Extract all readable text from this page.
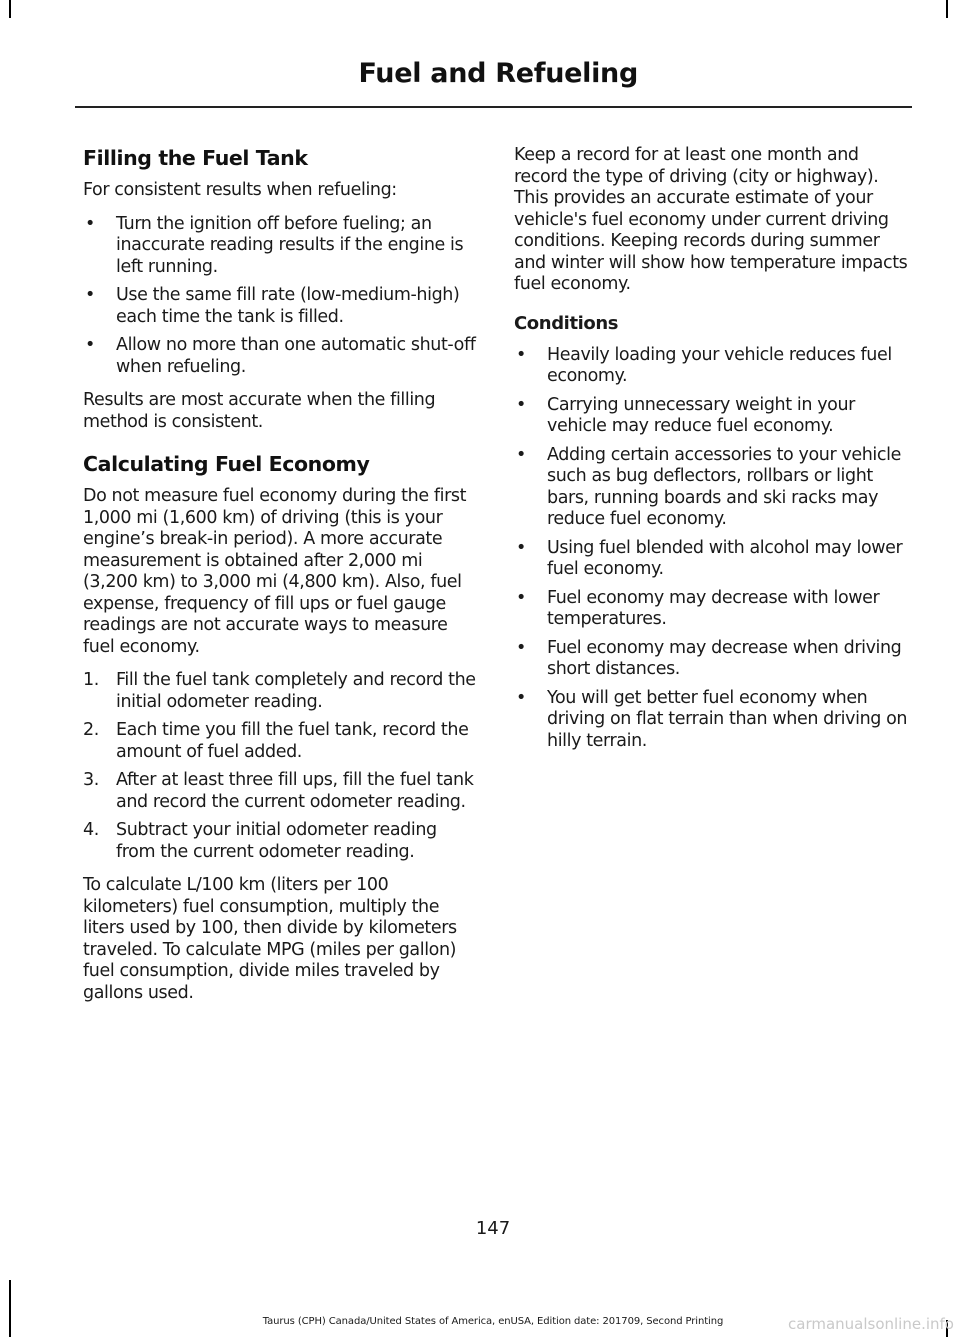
Fuel and Refueling
Filling the Fuel Tank

For consistent results when refueling:

• Turn the ignition off before fueling; an inaccurate reading results if the engine is left running.
• Use the same fill rate (low-medium-high) each time the tank is filled.
• Allow no more than one automatic shut-off when refueling.

Results are most accurate when the filling method is consistent.

Calculating Fuel Economy

Do not measure fuel economy during the first 1,000 mi (1,600 km) of driving (this is your engine’s break-in period). A more accurate measurement is obtained after 2,000 mi (3,200 km) to 3,000 mi (4,800 km). Also, fuel expense, frequency of fill ups or fuel gauge readings are not accurate ways to measure fuel economy.

1. Fill the fuel tank completely and record the initial odometer reading.
2. Each time you fill the fuel tank, record the amount of fuel added.
3. After at least three fill ups, fill the fuel tank and record the current odometer reading.
4. Subtract your initial odometer reading from the current odometer reading.

To calculate L/100 km (liters per 100 kilometers) fuel consumption, multiply the liters used by 100, then divide by kilometers traveled. To calculate MPG (miles per gallon) fuel consumption, divide miles traveled by gallons used.

Keep a record for at least one month and record the type of driving (city or highway). This provides an accurate estimate of your vehicle's fuel economy under current driving conditions. Keeping records during summer and winter will show how temperature impacts fuel economy.

Conditions
• Heavily loading your vehicle reduces fuel economy.
• Carrying unnecessary weight in your vehicle may reduce fuel economy.
• Adding certain accessories to your vehicle such as bug deflectors, rollbars or light bars, running boards and ski racks may reduce fuel economy.
• Using fuel blended with alcohol may lower fuel economy.
• Fuel economy may decrease with lower temperatures.
• Fuel economy may decrease when driving short distances.
• You will get better fuel economy when driving on flat terrain than when driving on hilly terrain.
147
Taurus (CPH) Canada/United States of America, enUSA, Edition date: 201709, Second Printing	carmanualsonline.info
